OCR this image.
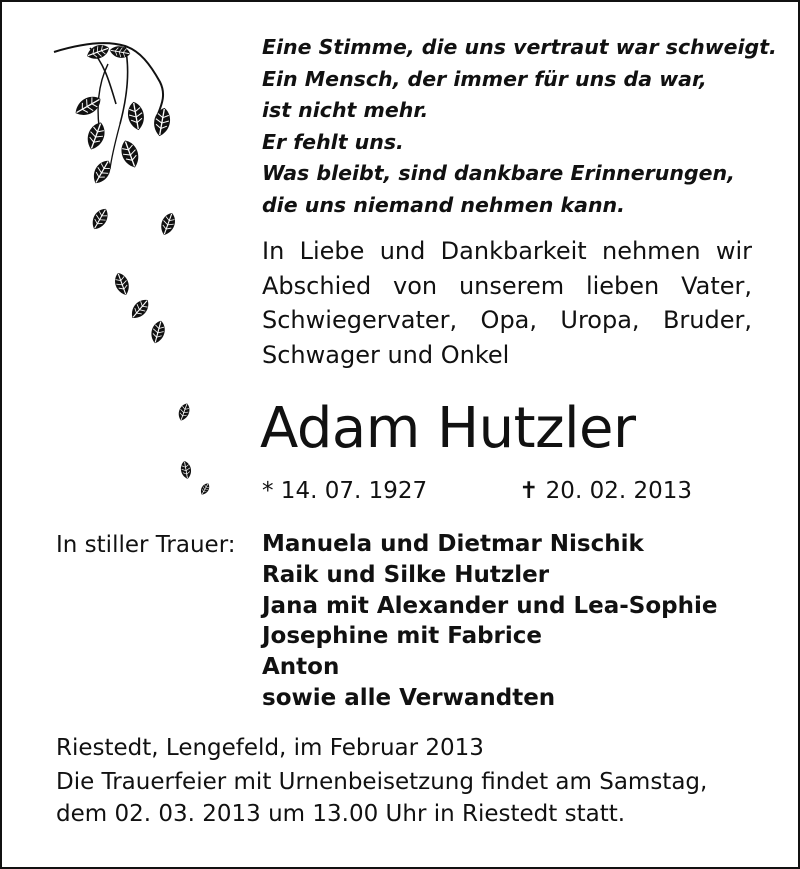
Eine Stimme, die uns vertraut war schweigt.
Ein Mensch, der immer für uns da war,
ist nicht mehr.
Er fehlt uns.
Was bleibt, sind dankbare Erinnerungen,
die uns niemand nehmen kann.
In Liebe und Dankbarkeit nehmen wir
Abschied von unserem lieben Vater,
Schwiegervater, Opa, Uropa, Bruder,
Schwager und Onkel
Adam Hutzler
* 14. 07. 1927	✝ 20. 02. 2013
In stiller Trauer: Manuela und Dietmar Nischik
Raik und Silke Hutzler
Jana mit Alexander und Lea-Sophie
Josephine mit Fabrice
Anton
sowie alle Verwandten
Riestedt, Lengefeld, im Februar 2013
Die Trauerfeier mit Urnenbeisetzung findet am Samstag,
dem 02. 03. 2013 um 13.00 Uhr in Riestedt statt.
